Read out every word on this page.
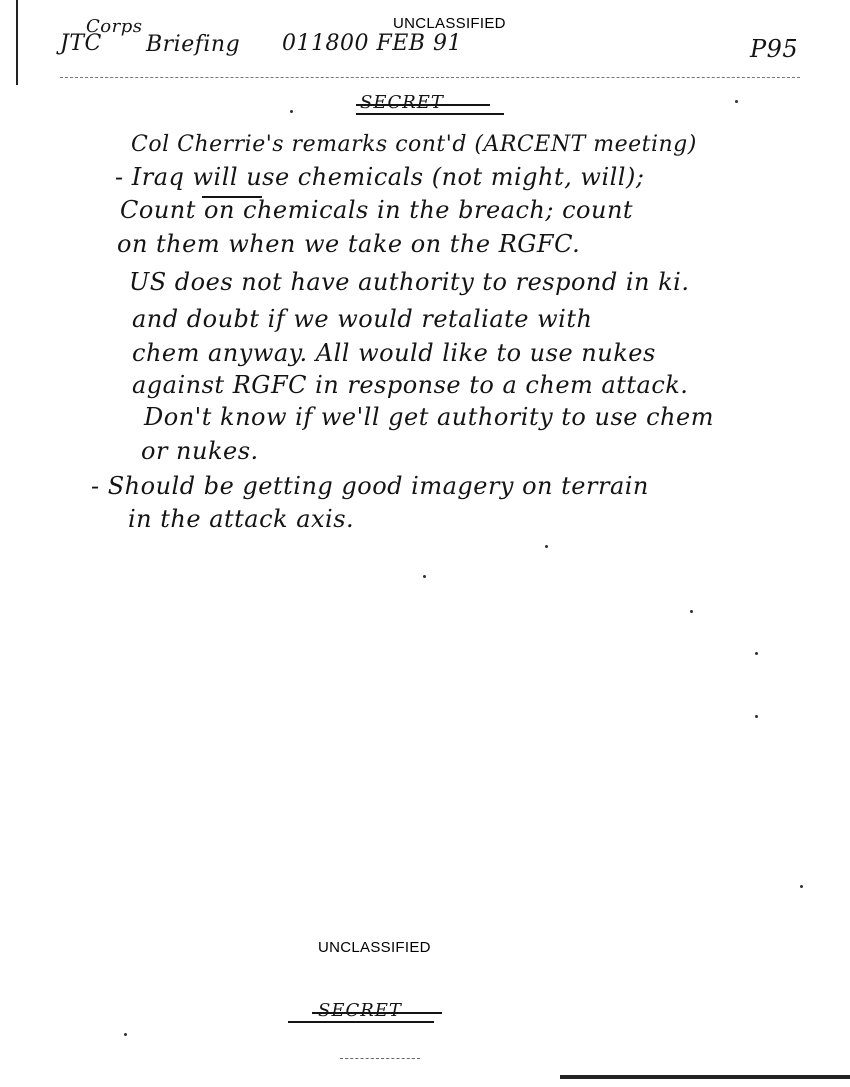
UNCLASSIFIED
Corps
JTC Briefing 011800 FEB 91	P95
SECRET
Col Cherrie's remarks cont'd (ARCENT meeting)
- Iraq will use chemicals (not might, will);
Count on chemicals in the breach; count
on them when we take on the RGFC.
US does not have authority to respond in ki.
and doubt if we would retaliate with
chem anyway. All would like to use nukes
against RGFC in response to a chem attack.
Don't know if we'll get authority to use chem
or nukes.
- Should be getting good imagery on terrain
in the attack axis.
UNCLASSIFIED
SECRET
